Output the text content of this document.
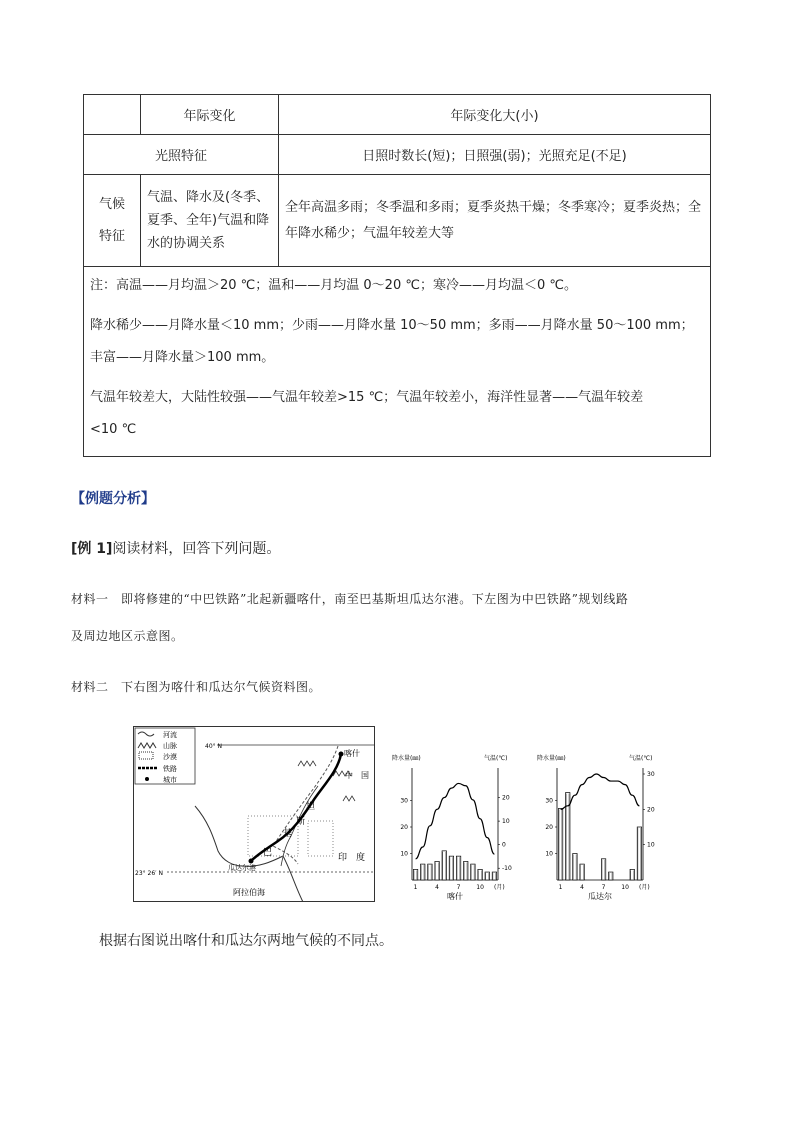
	年际变化	年际变化大(小)
光照特征		日照时数长(短)；日照强(弱)；光照充足(不足)

气候
特征	气温、降水及(冬季、夏季、全年)气温和降水的协调关系	全年高温多雨；冬季温和多雨；夏季炎热干燥；冬季寒冷；夏季炎热；全年降水稀少；气温年较差大等

注：高温——月均温＞20 ℃；温和——月均温 0～20 ℃；寒冷——月均温＜0 ℃。

降水稀少——月降水量＜10 mm；少雨——月降水量 10～50 mm；多雨——月降水量 50～100 mm；

丰富——月降水量＞100 mm。

气温年较差大，大陆性较强——气温年较差>15 ℃；气温年较差小，海洋性显著——气温年较差

<10 ℃		

【例题分析】
[例 1]阅读材料，回答下列问题。
材料一　即将修建的“中巴铁路”北起新疆喀什，南至巴基斯坦瓜达尔港。下左图为中巴铁路”规划线路
及周边地区示意图。
材料二　下右图为喀什和瓜达尔气候资料图。
河流
山脉
沙漠
铁路
城市
40° N
23° 26′ N
喀什
中　国
瓜达尔港
阿拉伯海
印　度
巴
基
斯
坦
降水量(㎜)	气温(℃)
10
20
30
-10
0
10
20
1	4	7	10 (月)
喀什
降水量(㎜)	气温(℃)
10
20
30
10
20
30
1	4	7	10 (月)
瓜达尔
根据右图说出喀什和瓜达尔两地气候的不同点。
